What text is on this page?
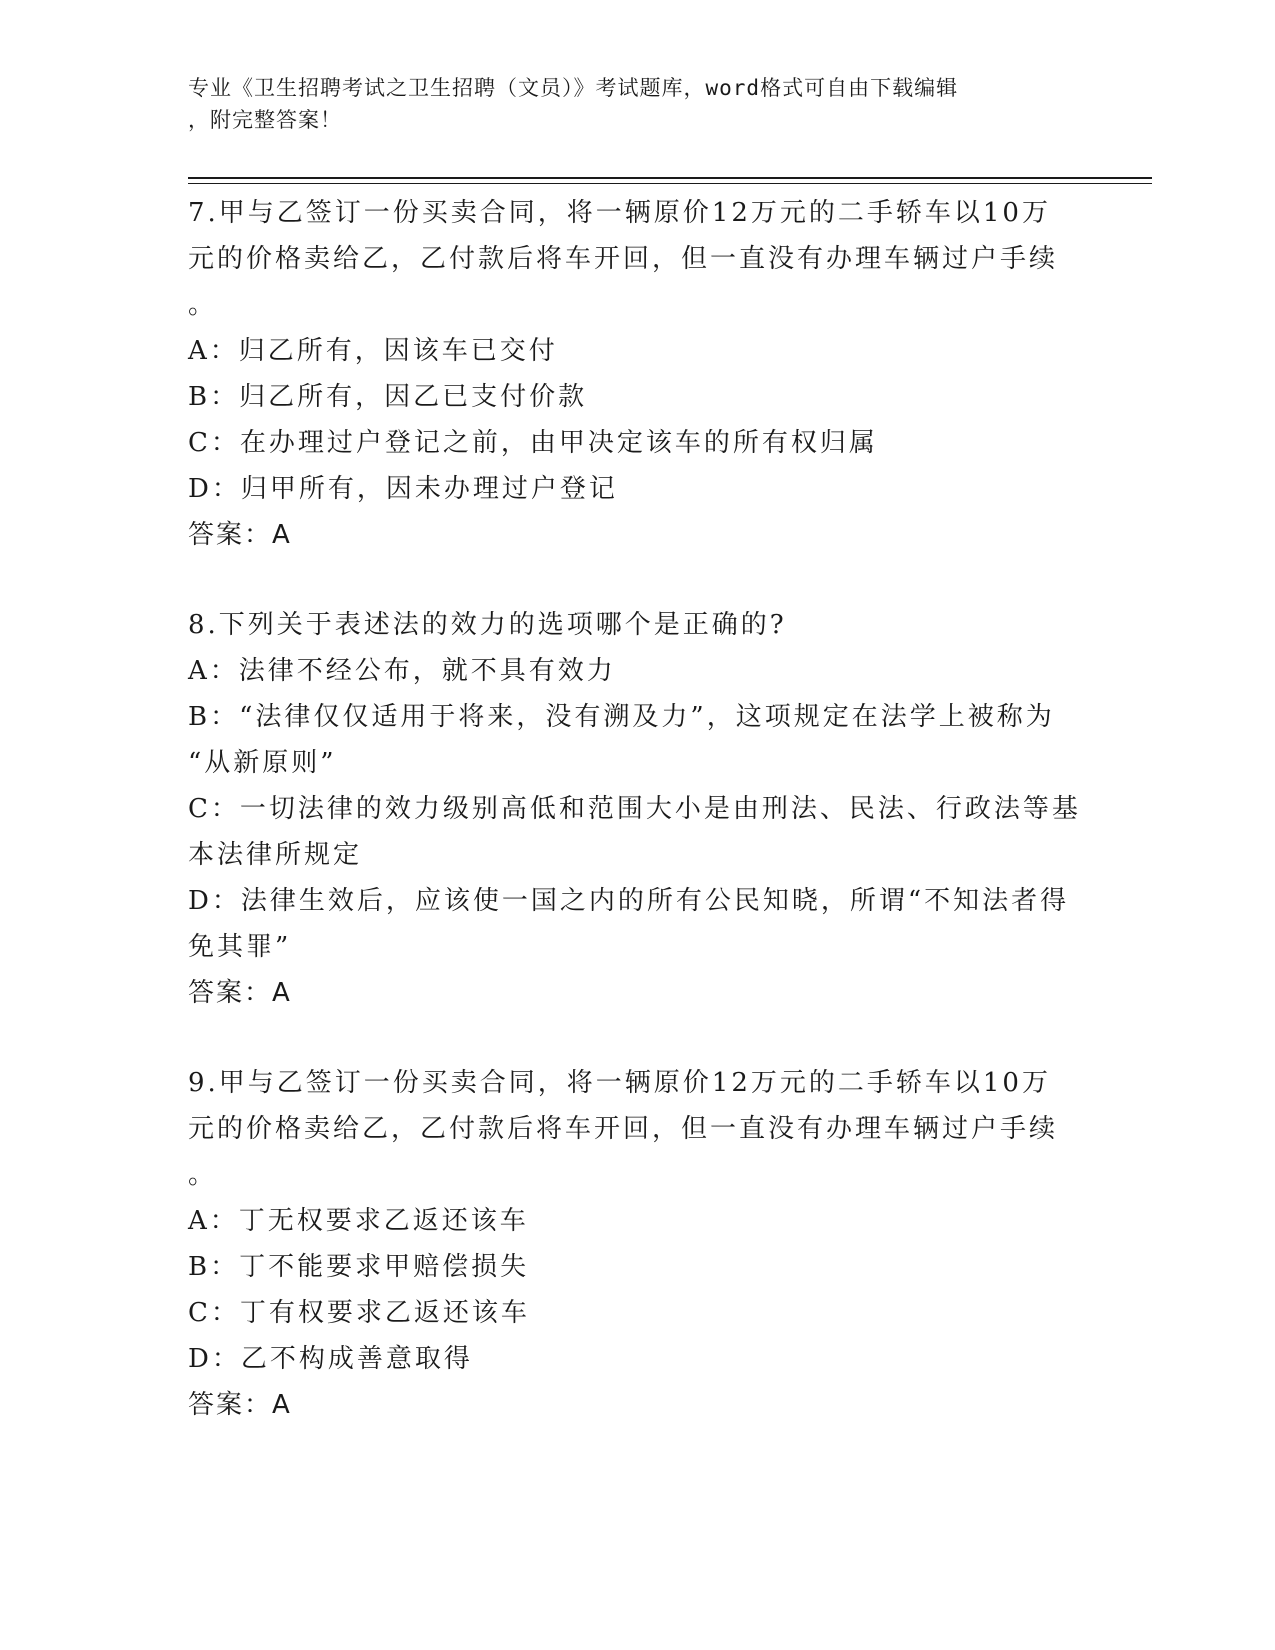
专业《卫生招聘考试之卫生招聘（文员）》考试题库，word格式可自由下载编辑
，附完整答案！
7.甲与乙签订一份买卖合同，将一辆原价12万元的二手轿车以10万
元的价格卖给乙，乙付款后将车开回，但一直没有办理车辆过户手续
。
A：归乙所有，因该车已交付
B：归乙所有，因乙已支付价款
C：在办理过户登记之前，由甲决定该车的所有权归属
D：归甲所有，因未办理过户登记
答案：A
8.下列关于表述法的效力的选项哪个是正确的?
A：法律不经公布，就不具有效力
B：“法律仅仅适用于将来，没有溯及力”，这项规定在法学上被称为
“从新原则”
C：一切法律的效力级别高低和范围大小是由刑法、民法、行政法等基
本法律所规定
D：法律生效后，应该使一国之内的所有公民知晓，所谓“不知法者得
免其罪”
答案：A
9.甲与乙签订一份买卖合同，将一辆原价12万元的二手轿车以10万
元的价格卖给乙，乙付款后将车开回，但一直没有办理车辆过户手续
。
A：丁无权要求乙返还该车
B：丁不能要求甲赔偿损失
C：丁有权要求乙返还该车
D：乙不构成善意取得
答案：A
